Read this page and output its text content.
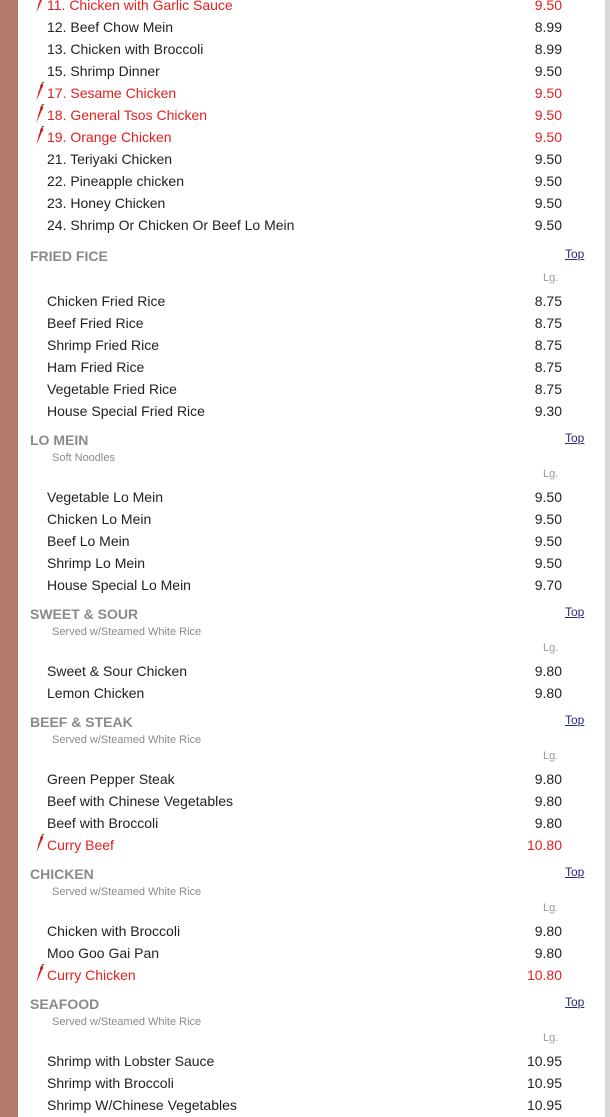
11. Chicken with Garlic Sauce	9.50
12. Beef Chow Mein	8.99
13. Chicken with Broccoli	8.99
15. Shrimp Dinner	9.50
17. Sesame Chicken	9.50
18. General Tsos Chicken	9.50
19. Orange Chicken	9.50
21. Teriyaki Chicken	9.50
22. Pineapple chicken	9.50
23. Honey Chicken	9.50
24. Shrimp Or Chicken Or Beef Lo Mein	9.50
FRIED FICE	Top
Lg.
Chicken Fried Rice	8.75
Beef Fried Rice	8.75
Shrimp Fried Rice	8.75
Ham Fried Rice	8.75
Vegetable Fried Rice	8.75
House Special Fried Rice	9.30
LO MEIN	Top
Soft Noodles
Lg.
Vegetable Lo Mein	9.50
Chicken Lo Mein	9.50
Beef Lo Mein	9.50
Shrimp Lo Mein	9.50
House Special Lo Mein	9.70
SWEET & SOUR	Top
Served w/Steamed White Rice
Lg.
Sweet & Sour Chicken	9.80
Lemon Chicken	9.80
BEEF & STEAK	Top
Served w/Steamed White Rice
Lg.
Green Pepper Steak	9.80
Beef with Chinese Vegetables	9.80
Beef with Broccoli	9.80
Curry Beef	10.80
CHICKEN	Top
Served w/Steamed White Rice
Lg.
Chicken with Broccoli	9.80
Moo Goo Gai Pan	9.80
Curry Chicken	10.80
SEAFOOD	Top
Served w/Steamed White Rice
Lg.
Shrimp with Lobster Sauce	10.95
Shrimp with Broccoli	10.95
Shrimp W/Chinese Vegetables	10.95
